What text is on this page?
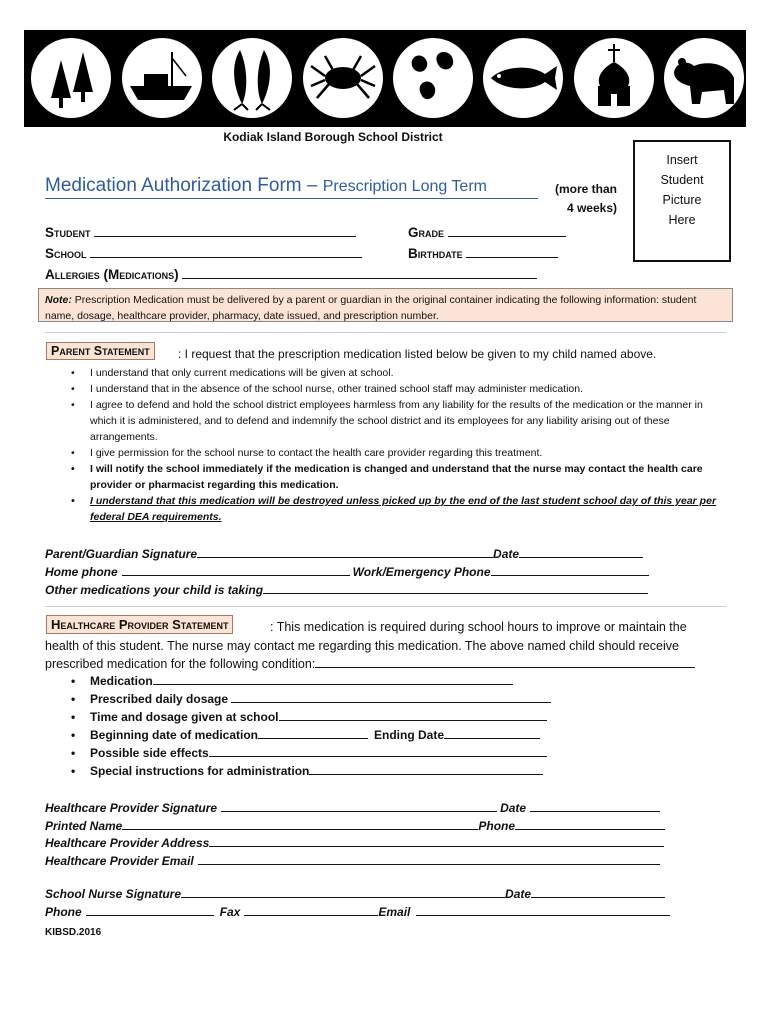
Kodiak Island Borough School District
Insert
Student
Picture
Here
Medication Authorization Form – Prescription Long Term	(more than
4 weeks)
Student	Grade
School	Birthdate
Allergies (Medications)
Note: Prescription Medication must be delivered by a parent or guardian in the original container indicating the following information: student name, dosage, healthcare provider, pharmacy, date issued, and prescription number.
Parent Statement	: I request that the prescription medication listed below be given to my child named above.
• I understand that only current medications will be given at school.
• I understand that in the absence of the school nurse, other trained school staff may administer medication.
• I agree to defend and hold the school district employees harmless from any liability for the results of the medication or the manner in which it is administered, and to defend and indemnify the school district and its employees for any liability arising out of these arrangements.
• I give permission for the school nurse to contact the health care provider regarding this treatment.
• I will notify the school immediately if the medication is changed and understand that the nurse may contact the health care provider or pharmacist regarding this medication.
• I understand that this medication will be destroyed unless picked up by the end of the last student school day of this year per federal DEA requirements.
Parent/Guardian Signature	Date
Home phone	Work/Emergency Phone
Other medications your child is taking
Healthcare Provider Statement	: This medication is required during school hours to improve or maintain the
health of this student. The nurse may contact me regarding this medication. The above named child should receive
prescribed medication for the following condition:
• Medication
• Prescribed daily dosage
• Time and dosage given at school
• Beginning date of medication	Ending Date
• Possible side effects
• Special instructions for administration
Healthcare Provider Signature	Date
Printed Name	Phone
Healthcare Provider Address
Healthcare Provider Email
School Nurse Signature	Date
Phone	Fax	Email
KIBSD.2016
